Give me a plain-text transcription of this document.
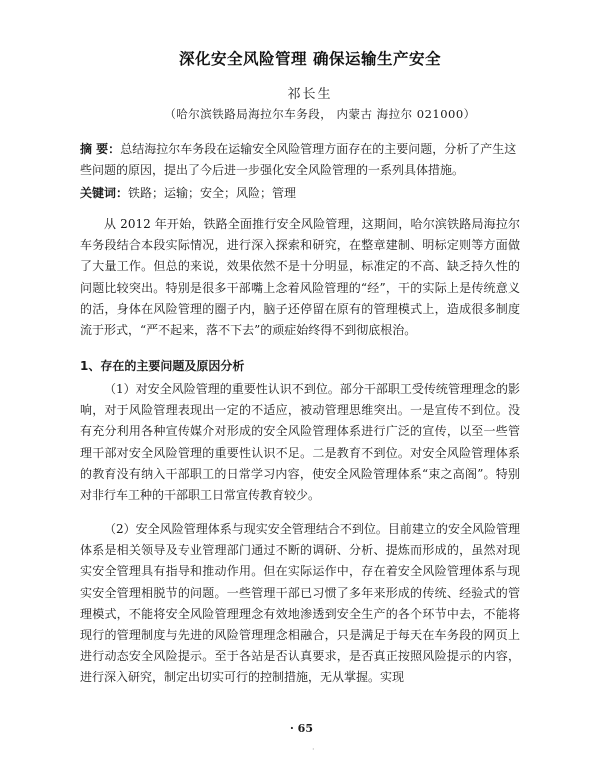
深化安全风险管理 确保运输生产安全
祁长生
（哈尔滨铁路局海拉尔车务段， 内蒙古 海拉尔 021000）
摘 要：总结海拉尔车务段在运输安全风险管理方面存在的主要问题，分析了产生这些问题的原因，提出了今后进一步强化安全风险管理的一系列具体措施。
关键词：铁路；运输；安全；风险；管理

从 2012 年开始，铁路全面推行安全风险管理，这期间，哈尔滨铁路局海拉尔车务段结合本段实际情况，进行深入探索和研究，在整章建制、明标定则等方面做了大量工作。但总的来说，效果依然不是十分明显，标准定的不高、缺乏持久性的问题比较突出。特别是很多干部嘴上念着风险管理的“经”，干的实际上是传统意义的活，身体在风险管理的圈子内，脑子还停留在原有的管理模式上，造成很多制度流于形式，“严不起来，落不下去”的顽症始终得不到彻底根治。

1、存在的主要问题及原因分析

（1）对安全风险管理的重要性认识不到位。部分干部职工受传统管理理念的影响，对于风险管理表现出一定的不适应，被动管理思维突出。一是宣传不到位。没有充分利用各种宣传媒介对形成的安全风险管理体系进行广泛的宣传，以至一些管理干部对安全风险管理的重要性认识不足。二是教育不到位。对安全风险管理体系的教育没有纳入干部职工的日常学习内容，使安全风险管理体系“束之高阁”。特别对非行车工种的干部职工日常宣传教育较少。

（2）安全风险管理体系与现实安全管理结合不到位。目前建立的安全风险管理体系是相关领导及专业管理部门通过不断的调研、分析、提炼而形成的，虽然对现实安全管理具有指导和推动作用。但在实际运作中，存在着安全风险管理体系与现实安全管理相脱节的问题。一些管理干部已习惯了多年来形成的传统、经验式的管理模式，不能将安全风险管理理念有效地渗透到安全生产的各个环节中去，不能将现行的管理制度与先进的风险管理理念相融合，只是满足于每天在车务段的网页上进行动态安全风险提示。至于各站是否认真要求，是否真正按照风险提示的内容，进行深入研究，制定出切实可行的控制措施，无从掌握。实现

· 65
·
